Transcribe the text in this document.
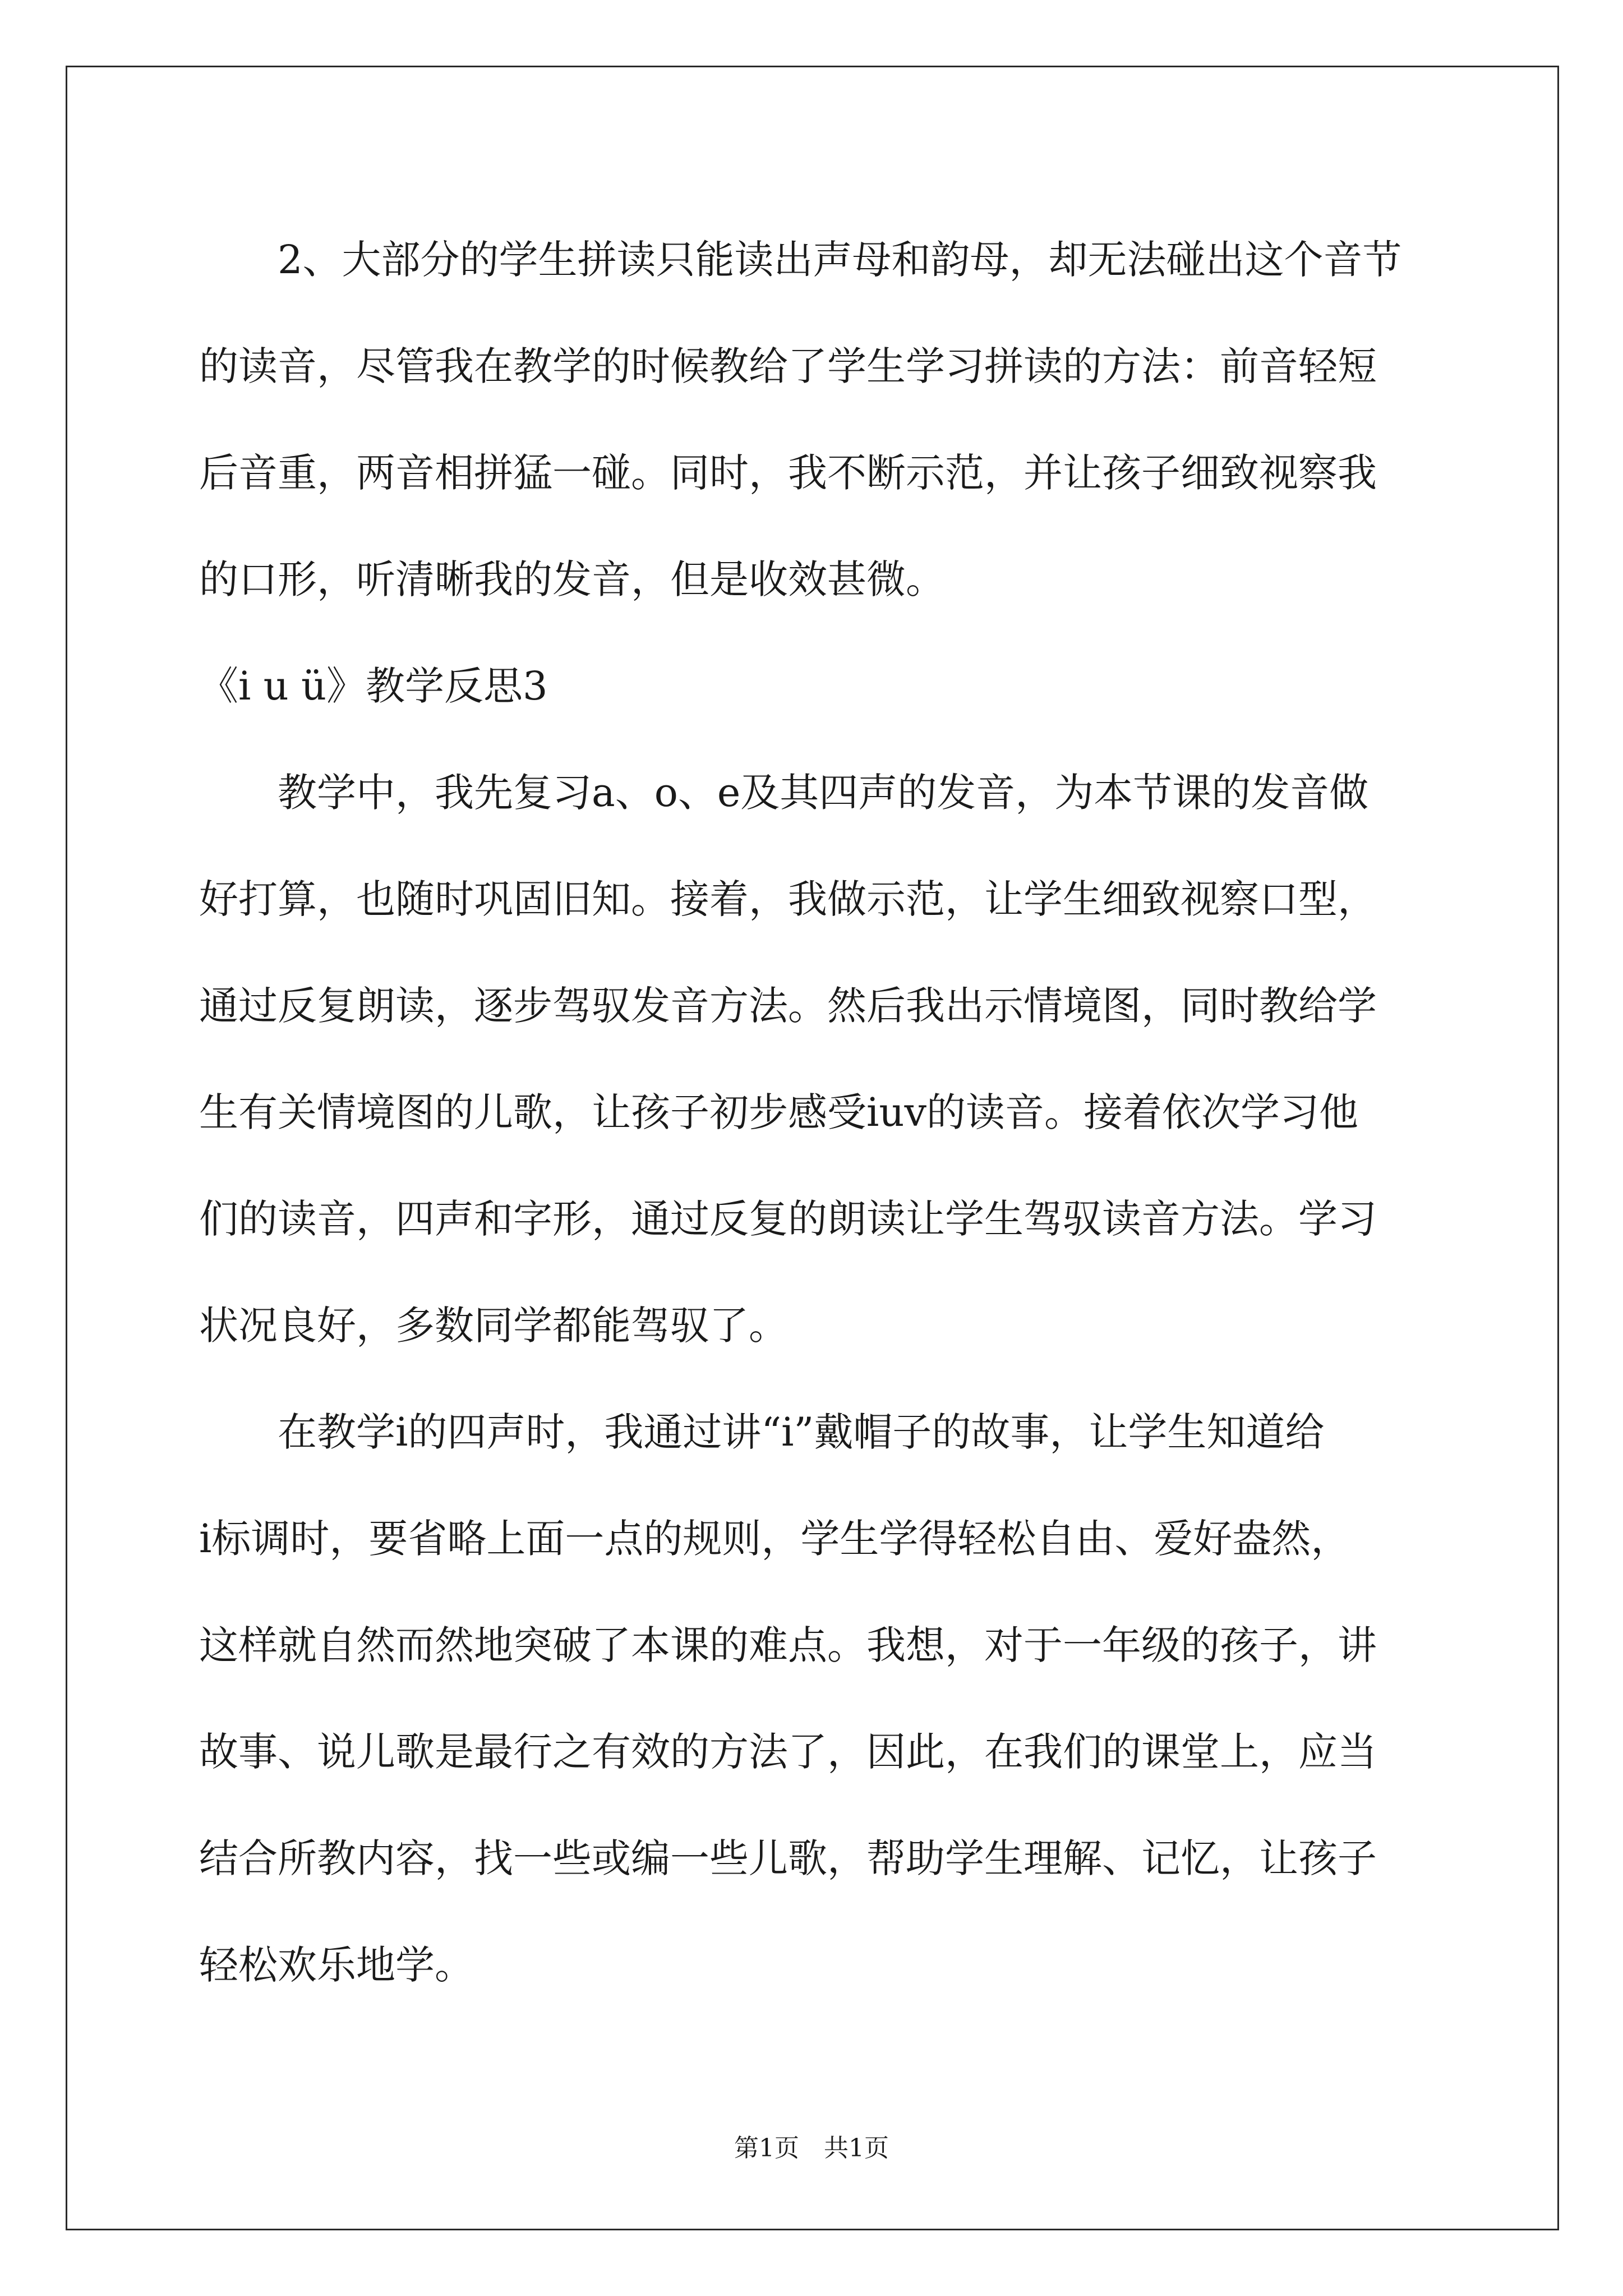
2、大部分的学生拼读只能读出声母和韵母，却无法碰出这个音节
的读音，尽管我在教学的时候教给了学生学习拼读的方法：前音轻短
后音重，两音相拼猛一碰。同时，我不断示范，并让孩子细致视察我
的口形，听清晰我的发音，但是收效甚微。
《i u ü》教学反思3
教学中，我先复习a、o、e及其四声的发音，为本节课的发音做
好打算，也随时巩固旧知。接着，我做示范，让学生细致视察口型，
通过反复朗读，逐步驾驭发音方法。然后我出示情境图，同时教给学
生有关情境图的儿歌，让孩子初步感受iuv的读音。接着依次学习他
们的读音，四声和字形，通过反复的朗读让学生驾驭读音方法。学习
状况良好，多数同学都能驾驭了。
在教学i的四声时，我通过讲“i”戴帽子的故事，让学生知道给
i标调时，要省略上面一点的规则，学生学得轻松自由、爱好盎然，
这样就自然而然地突破了本课的难点。我想，对于一年级的孩子，讲
故事、说儿歌是最行之有效的方法了，因此，在我们的课堂上，应当
结合所教内容，找一些或编一些儿歌，帮助学生理解、记忆，让孩子
轻松欢乐地学。
第1页　共1页
